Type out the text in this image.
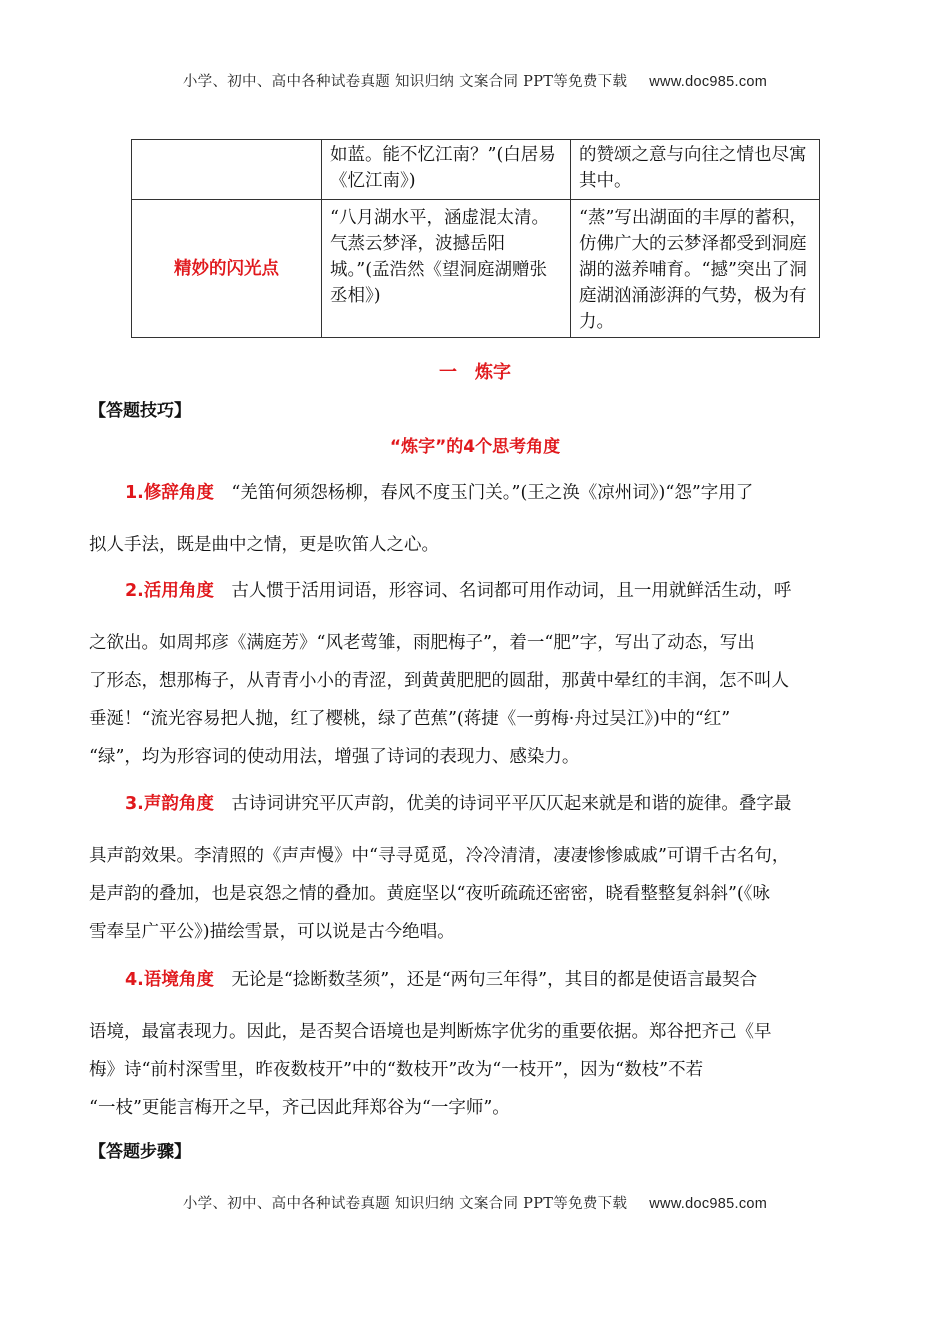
小学、初中、高中各种试卷真题 知识归纳 文案合同 PPT等免费下载 www.doc985.com
	如蓝。能不忆江南？”(白居易《忆江南》)	的赞颂之意与向往之情也尽寓其中。
精妙的闪光点	“八月湖水平，涵虚混太清。气蒸云梦泽，波撼岳阳城。”(孟浩然《望洞庭湖赠张丞相》)	“蒸”写出湖面的丰厚的蓄积，仿佛广大的云梦泽都受到洞庭湖的滋养哺育。“撼”突出了洞庭湖汹涌澎湃的气势，极为有力。
一　炼字
【答题技巧】
“炼字”的4个思考角度
1.修辞角度　 “羌笛何须怨杨柳，春风不度玉门关。”(王之涣《凉州词》)“怨”字用了
拟人手法，既是曲中之情，更是吹笛人之心。
2.活用角度　 古人惯于活用词语，形容词、名词都可用作动词，且一用就鲜活生动，呼
之欲出。如周邦彦《满庭芳》“风老莺雏，雨肥梅子”，着一“肥”字，写出了动态，写出
了形态，想那梅子，从青青小小的青涩，到黄黄肥肥的圆甜，那黄中晕红的丰润，怎不叫人
垂涎！“流光容易把人抛，红了樱桃，绿了芭蕉”(蒋捷《一剪梅·舟过吴江》)中的“红”
“绿”，均为形容词的使动用法，增强了诗词的表现力、感染力。
3.声韵角度　 古诗词讲究平仄声韵，优美的诗词平平仄仄起来就是和谐的旋律。叠字最
具声韵效果。李清照的《声声慢》中“寻寻觅觅，冷冷清清，凄凄惨惨戚戚”可谓千古名句，
是声韵的叠加，也是哀怨之情的叠加。黄庭坚以“夜听疏疏还密密，晓看整整复斜斜”(《咏
雪奉呈广平公》)描绘雪景，可以说是古今绝唱。
4.语境角度　 无论是“捻断数茎须”，还是“两句三年得”，其目的都是使语言最契合
语境，最富表现力。因此，是否契合语境也是判断炼字优劣的重要依据。郑谷把齐己《早
梅》诗“前村深雪里，昨夜数枝开”中的“数枝开”改为“一枝开”，因为“数枝”不若
“一枝”更能言梅开之早，齐己因此拜郑谷为“一字师”。
【答题步骤】
小学、初中、高中各种试卷真题 知识归纳 文案合同 PPT等免费下载 www.doc985.com
